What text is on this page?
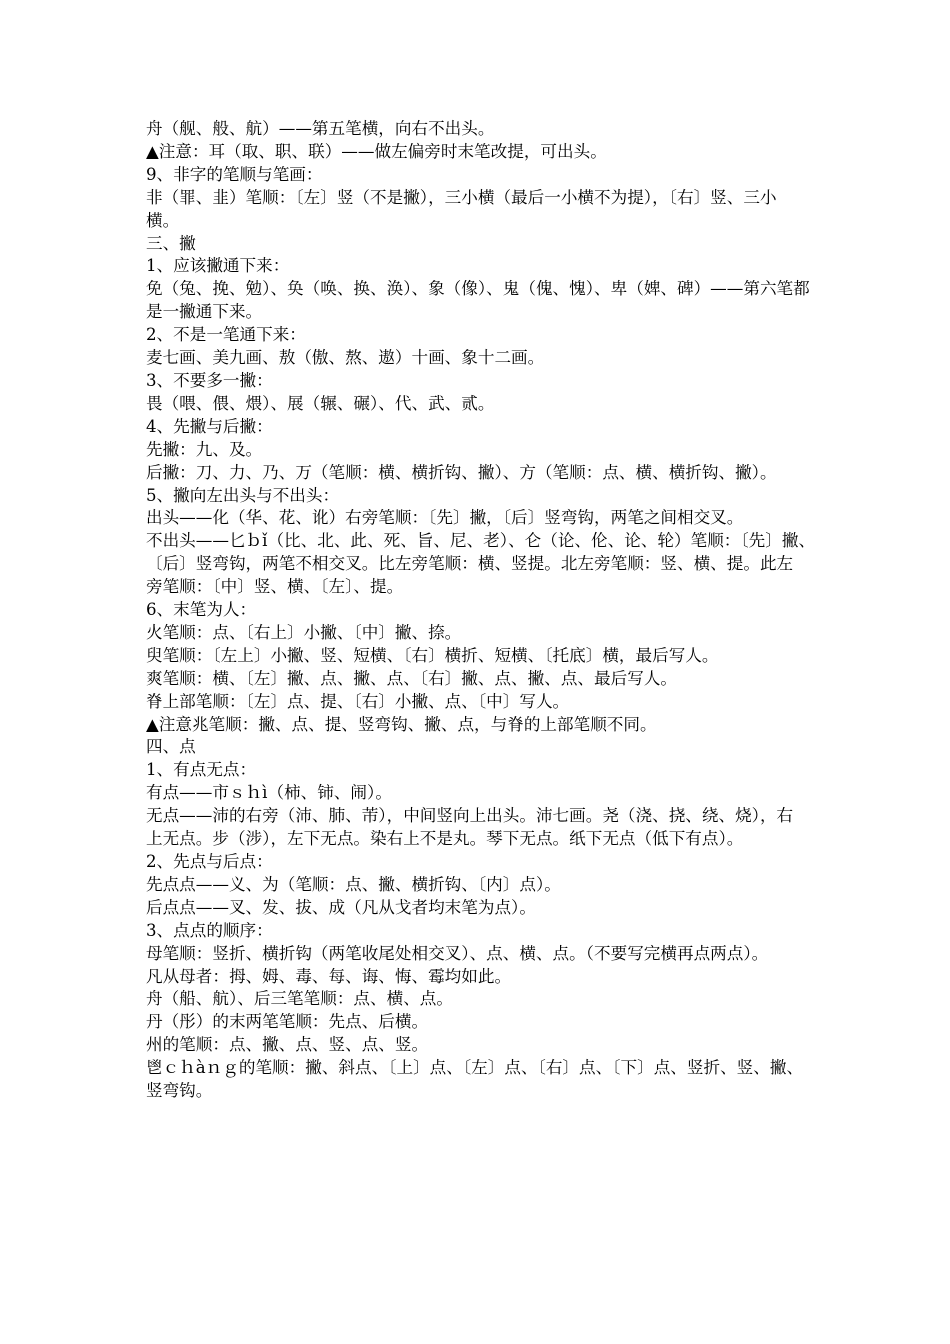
舟（舰、般、航）——第五笔横，向右不出头。

▲注意：耳（取、职、联）——做左偏旁时末笔改提，可出头。

9、非字的笔顺与笔画：

非（罪、韭）笔顺：〔左〕竖（不是撇），三小横（最后一小横不为提），〔右〕竖、三小

横。

三、撇

1、应该撇通下来：

免（兔、挽、勉）、奂（唤、换、涣）、象（像）、鬼（傀、愧）、卑（婢、碑）——第六笔都

是一撇通下来。

2、不是一笔通下来：

麦七画、美九画、敖（傲、熬、遨）十画、象十二画。

3、不要多一撇：

畏（喂、偎、煨）、展（辗、碾）、代、武、贰。

4、先撇与后撇：

先撇：九、及。

后撇：刀、力、乃、万（笔顺：横、横折钩、撇）、方（笔顺：点、横、横折钩、撇）。

5、撇向左出头与不出头：

出头——化（华、花、讹）右旁笔顺：〔先〕撇，〔后〕竖弯钩，两笔之间相交叉。

不出头——匕ｂǐ（比、北、此、死、旨、尼、老）、仑（论、伦、论、轮）笔顺：〔先〕撇、

〔后〕竖弯钩，两笔不相交叉。比左旁笔顺：横、竖提。北左旁笔顺：竖、横、提。此左

旁笔顺：〔中〕竖、横、〔左〕、提。

6、末笔为人：

火笔顺：点、〔右上〕小撇、〔中〕撇、捺。

臾笔顺：〔左上〕小撇、竖、短横、〔右〕横折、短横、〔托底〕横，最后写人。

爽笔顺：横、〔左〕撇、点、撇、点、〔右〕撇、点、撇、点、最后写人。

脊上部笔顺：〔左〕点、提、〔右〕小撇、点、〔中〕写人。

▲注意兆笔顺：撇、点、提、竖弯钩、撇、点，与脊的上部笔顺不同。

四、点

1、有点无点：

有点——市ｓｈì（柿、铈、闹）。

无点——沛的右旁（沛、肺、芾），中间竖向上出头。沛七画。尧（浇、挠、绕、烧），右

上无点。步（涉），左下无点。染右上不是丸。琴下无点。纸下无点（低下有点）。

2、先点与后点：

先点点——义、为（笔顺：点、撇、横折钩、〔内〕点）。

后点点——叉、发、拔、成（凡从戈者均末笔为点）。

3、点点的顺序：

母笔顺：竖折、横折钩（两笔收尾处相交叉）、点、横、点。（不要写完横再点两点）。

凡从母者：拇、姆、毒、每、诲、悔、霉均如此。

舟（船、航）、后三笔笔顺：点、横、点。

丹（彤）的末两笔笔顺：先点、后横。

州的笔顺：点、撇、点、竖、点、竖。

鬯ｃｈàｎｇ的笔顺：撇、斜点、〔上〕点、〔左〕点、〔右〕点、〔下〕点、竖折、竖、撇、

竖弯钩。
